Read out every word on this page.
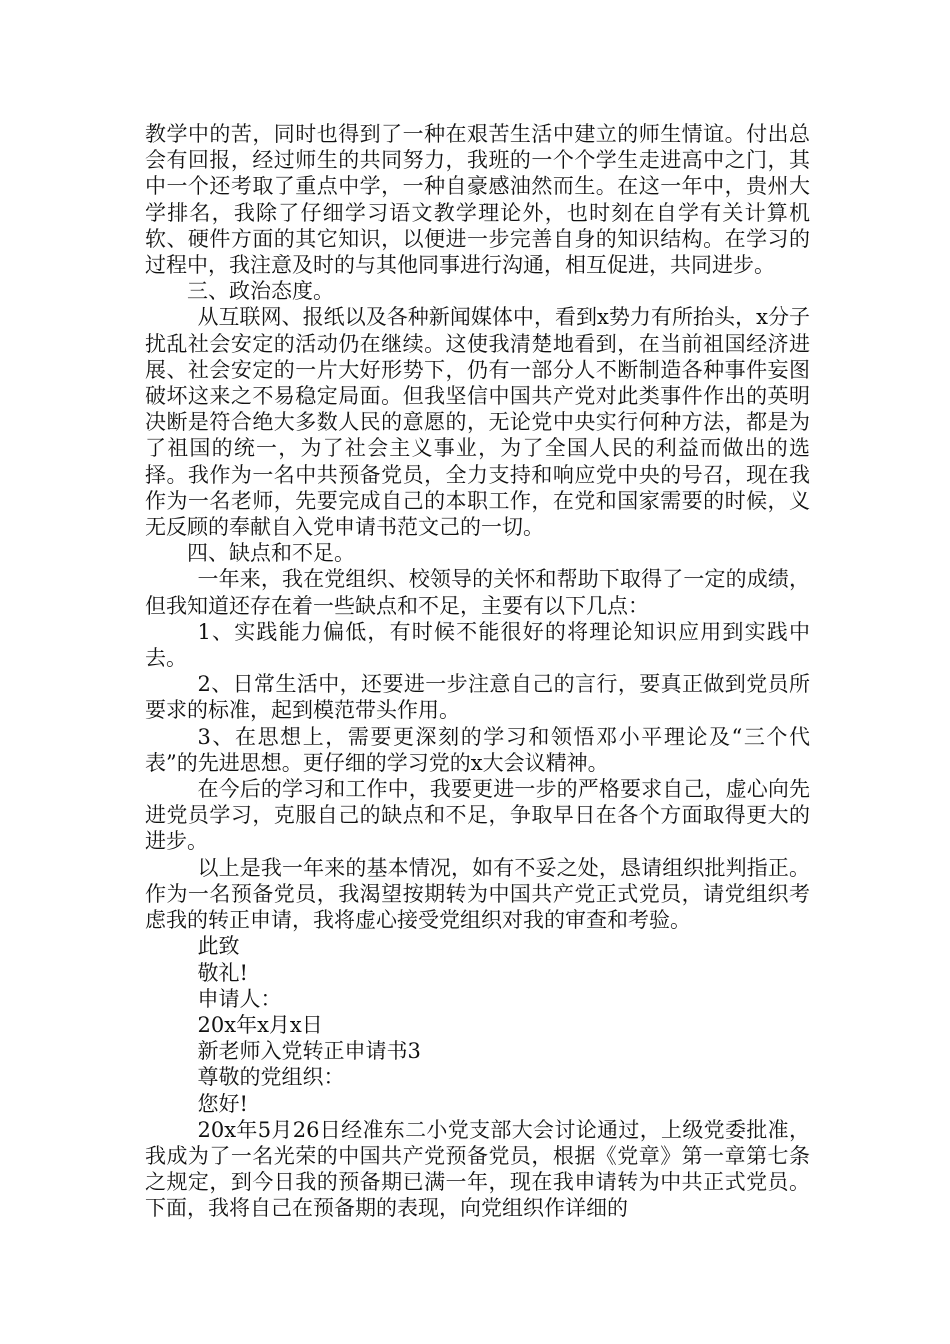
教学中的苦，同时也得到了一种在艰苦生活中建立的师生情谊。付出总会有回报，经过师生的共同努力，我班的一个个学生走进高中之门，其中一个还考取了重点中学，一种自豪感油然而生。在这一年中，贵州大学排名，我除了仔细学习语文教学理论外，也时刻在自学有关计算机软、硬件方面的其它知识，以便进一步完善自身的知识结构。在学习的过程中，我注意及时的与其他同事进行沟通，相互促进，共同进步。

三、政治态度。

从互联网、报纸以及各种新闻媒体中，看到x势力有所抬头，x分子扰乱社会安定的活动仍在继续。这使我清楚地看到，在当前祖国经济进展、社会安定的一片大好形势下，仍有一部分人不断制造各种事件妄图破坏这来之不易稳定局面。但我坚信中国共产党对此类事件作出的英明决断是符合绝大多数人民的意愿的，无论党中央实行何种方法，都是为了祖国的统一，为了社会主义事业，为了全国人民的利益而做出的选择。我作为一名中共预备党员，全力支持和响应党中央的号召，现在我作为一名老师，先要完成自己的本职工作，在党和国家需要的时候，义无反顾的奉献自入党申请书范文己的一切。

四、缺点和不足。

一年来，我在党组织、校领导的关怀和帮助下取得了一定的成绩，但我知道还存在着一些缺点和不足，主要有以下几点：

1、实践能力偏低，有时候不能很好的将理论知识应用到实践中去。

2、日常生活中，还要进一步注意自己的言行，要真正做到党员所要求的标准，起到模范带头作用。

3、在思想上，需要更深刻的学习和领悟邓小平理论及“三个代表”的先进思想。更仔细的学习党的x大会议精神。

在今后的学习和工作中，我要更进一步的严格要求自己，虚心向先进党员学习，克服自己的缺点和不足，争取早日在各个方面取得更大的进步。

以上是我一年来的基本情况，如有不妥之处，恳请组织批判指正。作为一名预备党员，我渴望按期转为中国共产党正式党员，请党组织考虑我的转正申请，我将虚心接受党组织对我的审查和考验。

此致

敬礼!

申请人：

20x年x月x日

新老师入党转正申请书3

尊敬的党组织：

您好!

20x年5月26日经准东二小党支部大会讨论通过，上级党委批准，我成为了一名光荣的中国共产党预备党员，根据《党章》第一章第七条之规定，到今日我的预备期已满一年，现在我申请转为中共正式党员。下面，我将自己在预备期的表现，向党组织作详细的
